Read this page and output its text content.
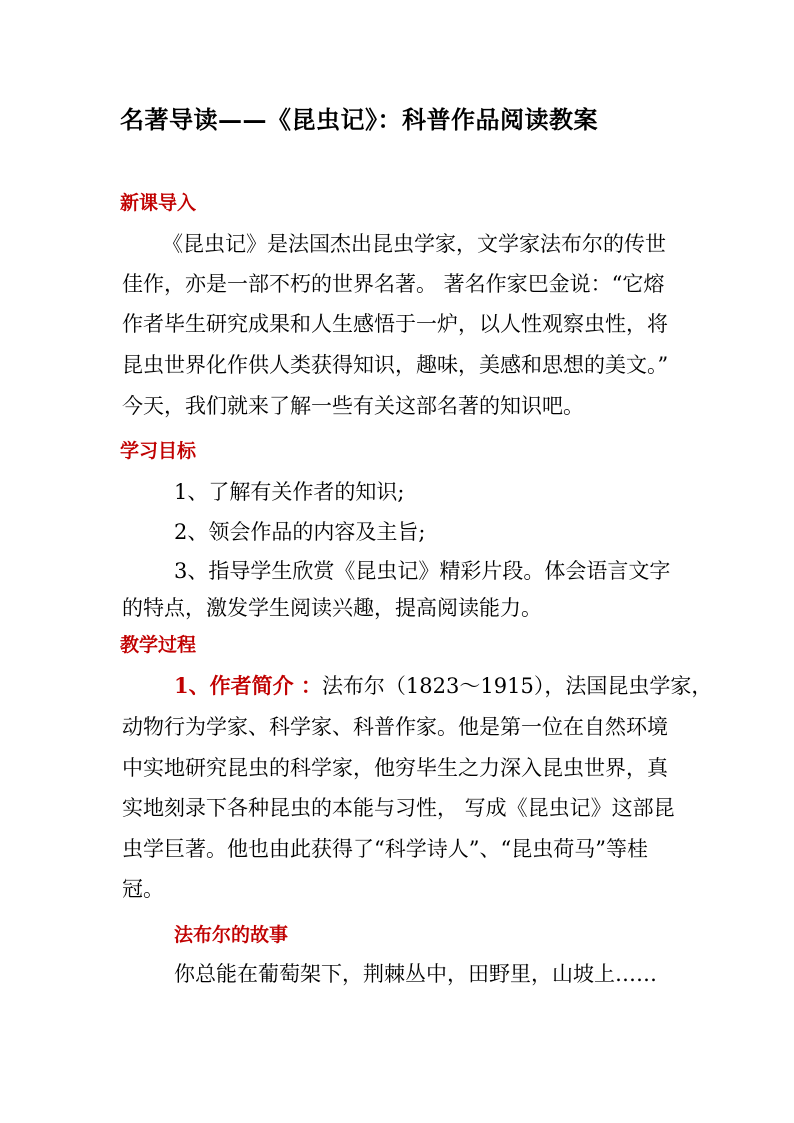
名著导读——《昆虫记》：科普作品阅读教案
新课导入
《昆虫记》是法国杰出昆虫学家，文学家法布尔的传世
佳作，亦是一部不朽的世界名著。 著名作家巴金说：“它熔
作者毕生研究成果和人生感悟于一炉，以人性观察虫性，将
昆虫世界化作供人类获得知识，趣味，美感和思想的美文。”
今天，我们就来了解一些有关这部名著的知识吧。
学习目标
1、了解有关作者的知识;
2、领会作品的内容及主旨;
3、指导学生欣赏《昆虫记》精彩片段。体会语言文字
的特点，激发学生阅读兴趣，提高阅读能力。
教学过程
1、作者简介 ：法布尔（1823～1915），法国昆虫学家，
动物行为学家、科学家、科普作家。他是第一位在自然环境
中实地研究昆虫的科学家，他穷毕生之力深入昆虫世界，真
实地刻录下各种昆虫的本能与习性， 写成《昆虫记》这部昆
虫学巨著。他也由此获得了“科学诗人”、“昆虫荷马”等桂
冠。
法布尔的故事
你总能在葡萄架下，荆棘丛中，田野里，山坡上……
